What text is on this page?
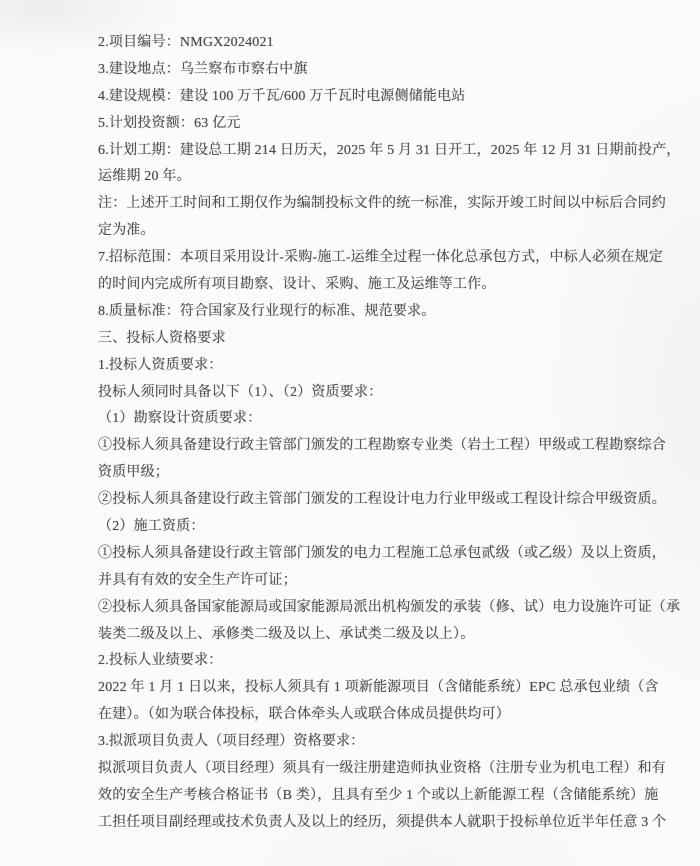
2.项目编号：NMGX2024021
3.建设地点：乌兰察布市察右中旗
4.建设规模：建设 100 万千瓦/600 万千瓦时电源侧储能电站
5.计划投资额：63 亿元
6.计划工期：建设总工期 214 日历天，2025 年 5 月 31 日开工，2025 年 12 月 31 日期前投产，
运维期 20 年。
注：上述开工时间和工期仅作为编制投标文件的统一标准，实际开竣工时间以中标后合同约
定为准。
7.招标范围：本项目采用设计-采购-施工-运维全过程一体化总承包方式，中标人必须在规定
的时间内完成所有项目勘察、设计、采购、施工及运维等工作。
8.质量标准：符合国家及行业现行的标准、规范要求。
三、投标人资格要求
1.投标人资质要求：
投标人须同时具备以下（1）、（2）资质要求：
（1）勘察设计资质要求：
①投标人须具备建设行政主管部门颁发的工程勘察专业类（岩土工程）甲级或工程勘察综合
资质甲级；
②投标人须具备建设行政主管部门颁发的工程设计电力行业甲级或工程设计综合甲级资质。
（2）施工资质：
①投标人须具备建设行政主管部门颁发的电力工程施工总承包贰级（或乙级）及以上资质，
并具有有效的安全生产许可证；
②投标人须具备国家能源局或国家能源局派出机构颁发的承装（修、试）电力设施许可证（承
装类二级及以上、承修类二级及以上、承试类二级及以上）。
2.投标人业绩要求：
2022 年 1 月 1 日以来，投标人须具有 1 项新能源项目（含储能系统）EPC 总承包业绩（含
在建）。（如为联合体投标，联合体牵头人或联合体成员提供均可）
3.拟派项目负责人（项目经理）资格要求：
拟派项目负责人（项目经理）须具有一级注册建造师执业资格（注册专业为机电工程）和有
效的安全生产考核合格证书（B 类），且具有至少 1 个或以上新能源工程（含储能系统）施
工担任项目副经理或技术负责人及以上的经历，须提供本人就职于投标单位近半年任意 3 个
